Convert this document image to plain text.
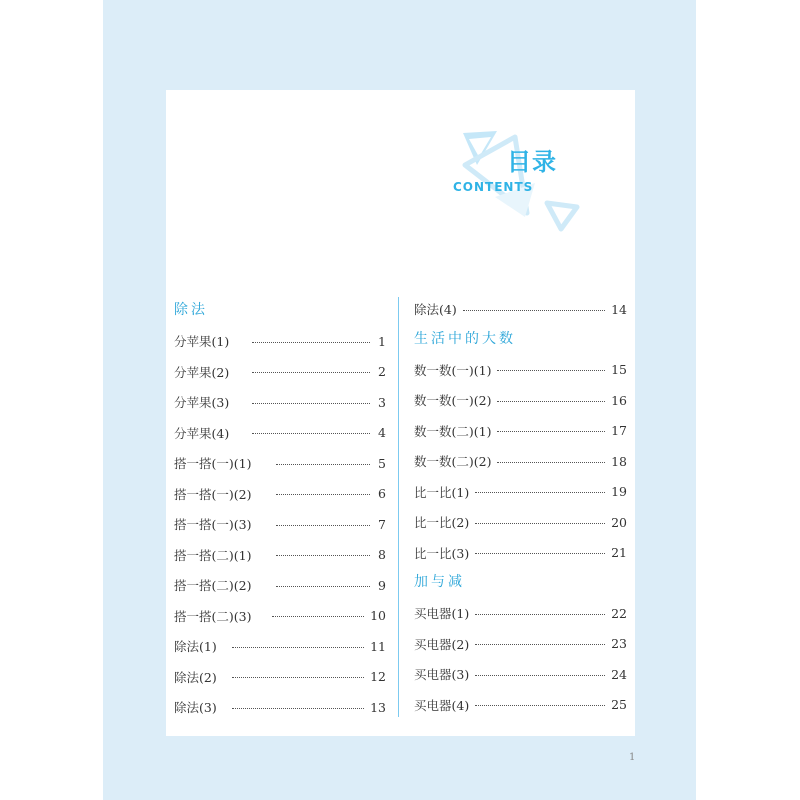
目录
CONTENTS
除法
分苹果(1)	1
分苹果(2)	2
分苹果(3)	3
分苹果(4)	4
搭一搭(一)(1)	5
搭一搭(一)(2)	6
搭一搭(一)(3)	7
搭一搭(二)(1)	8
搭一搭(二)(2)	9
搭一搭(二)(3)	10
除法(1)	11
除法(2)	12
除法(3)	13
除法(4)	14
生活中的大数
数一数(一)(1)	15
数一数(一)(2)	16
数一数(二)(1)	17
数一数(二)(2)	18
比一比(1)	19
比一比(2)	20
比一比(3)	21
加与减
买电器(1)	22
买电器(2)	23
买电器(3)	24
买电器(4)	25
1
